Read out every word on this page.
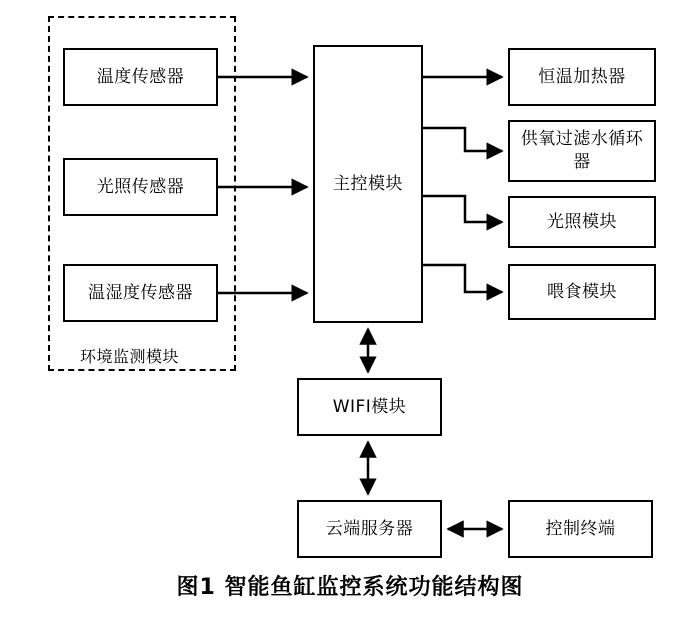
环境监测模块
温度传感器
光照传感器
温湿度传感器
主控模块
恒温加热器
供氧过滤水循环器
光照模块
喂食模块
WIFI模块
云端服务器	控制终端
图1 智能鱼缸监控系统功能结构图
